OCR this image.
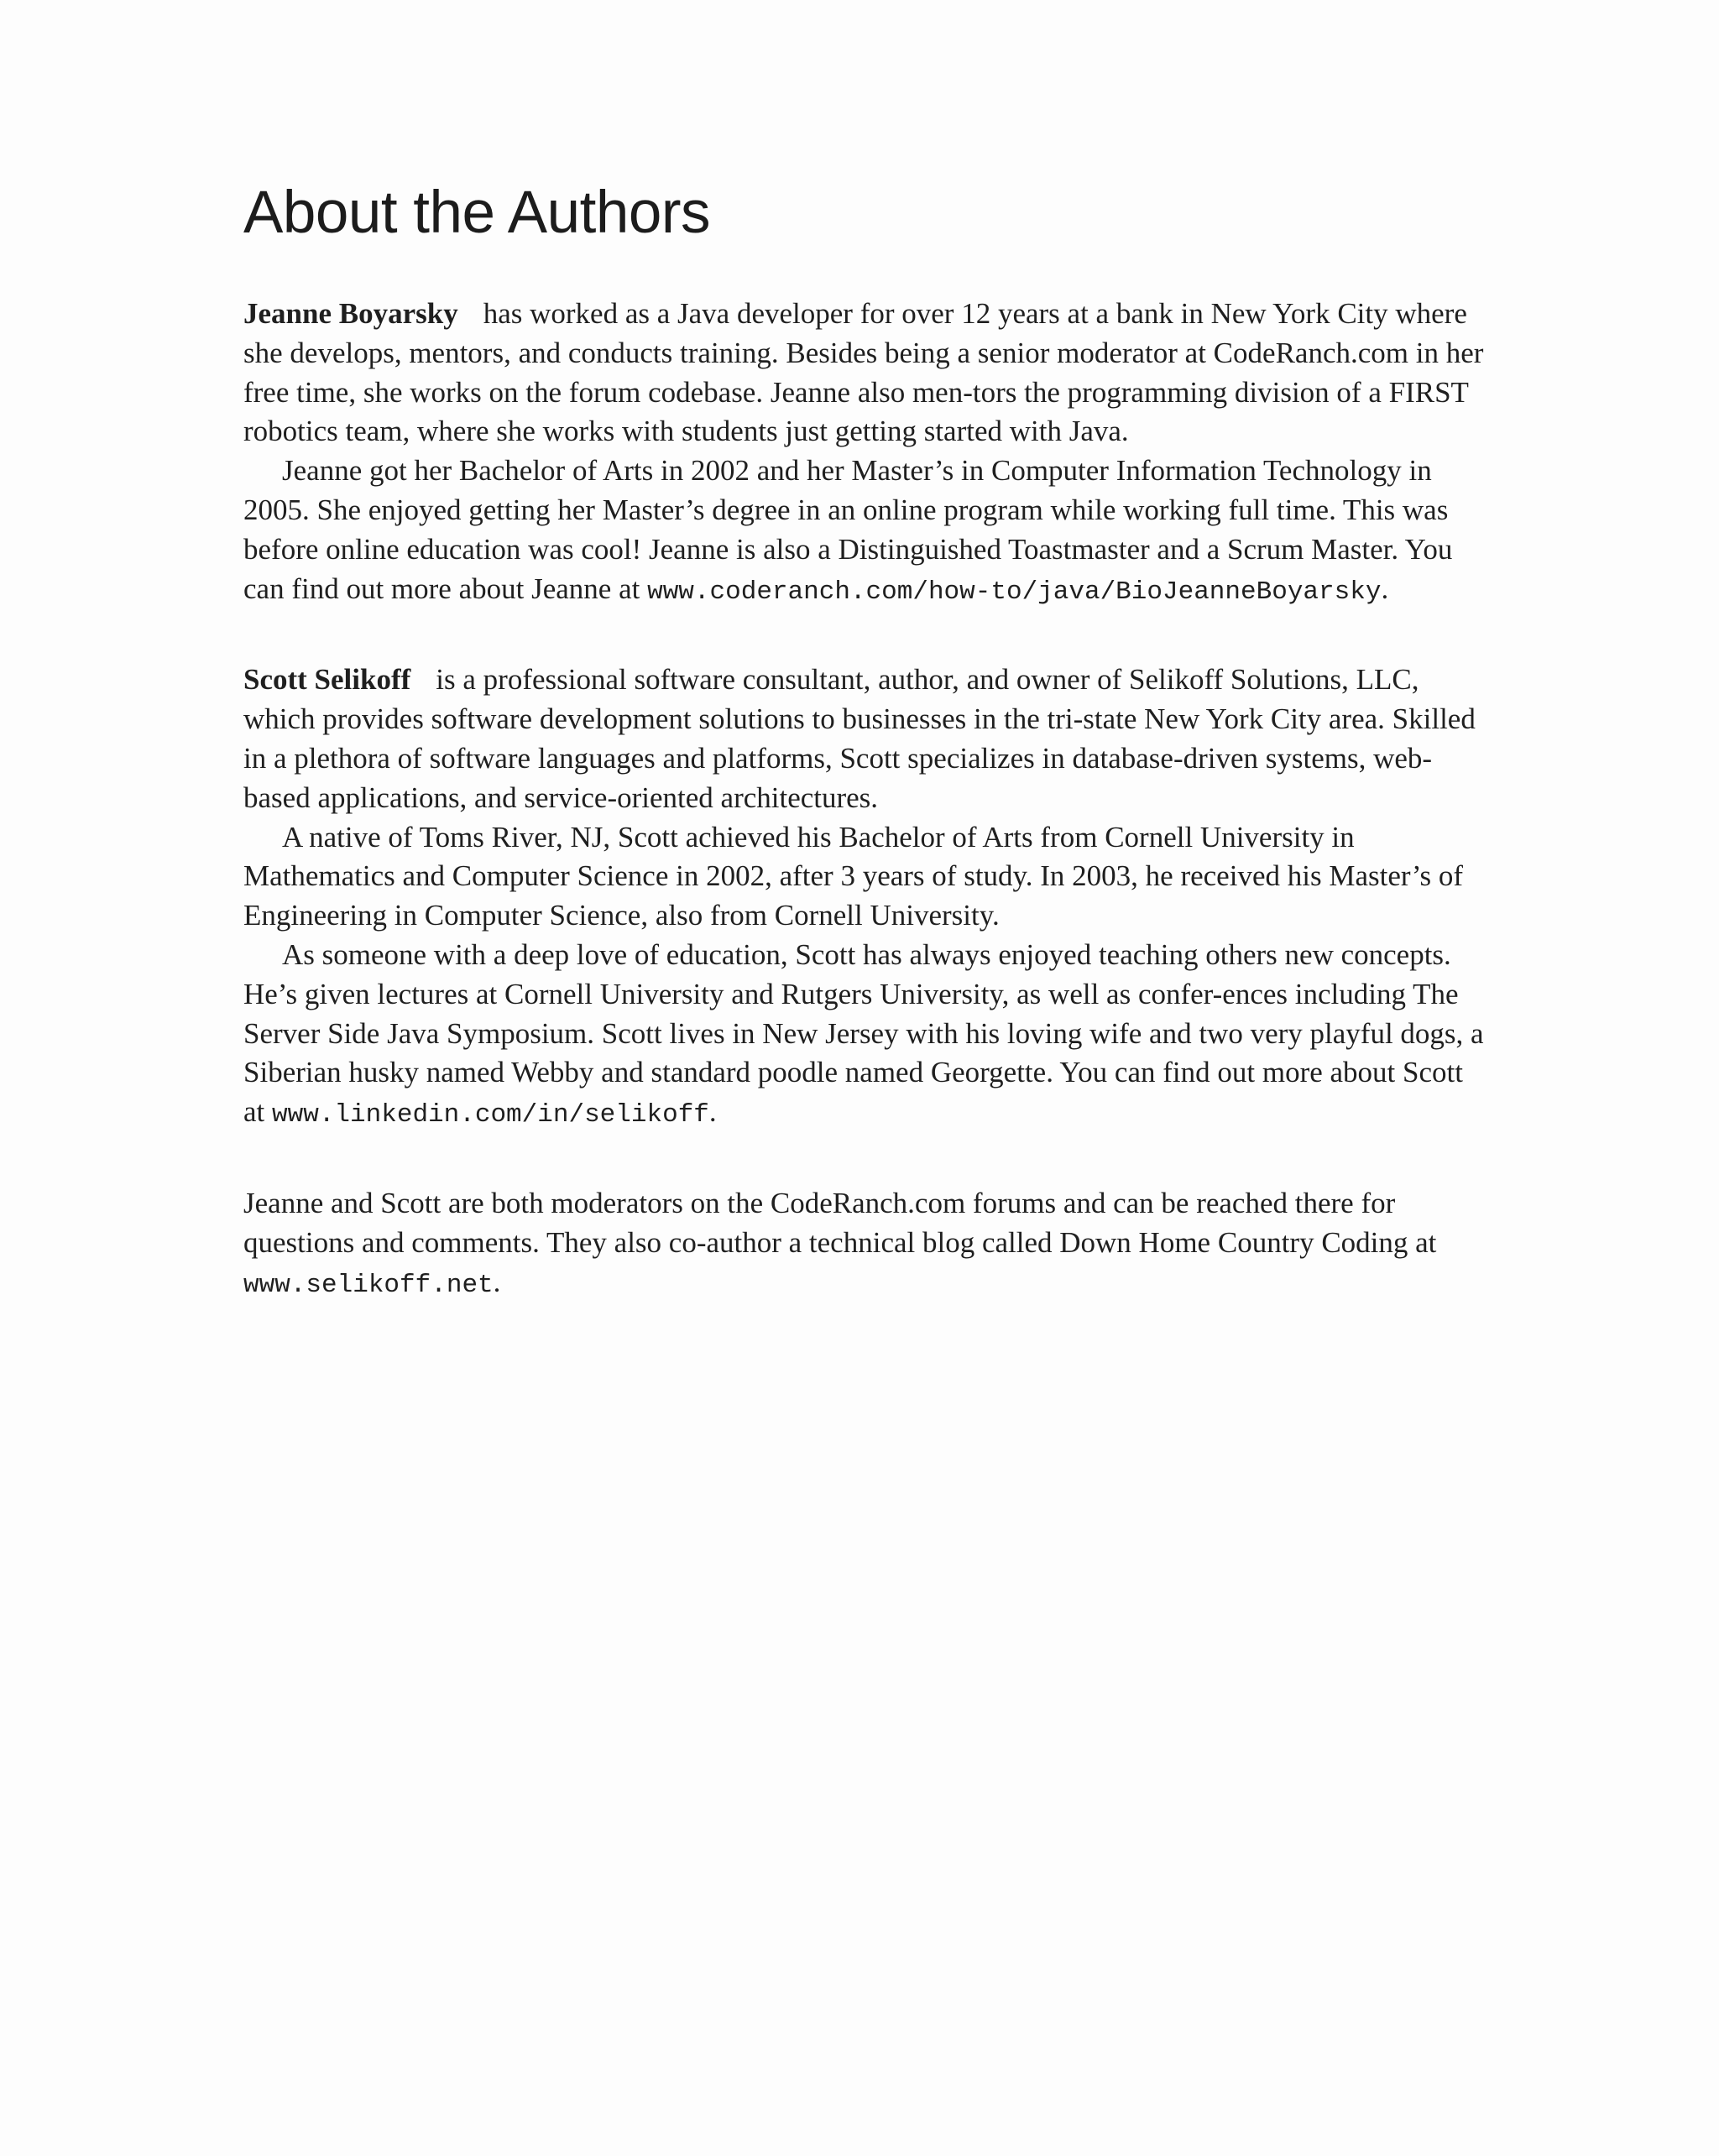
About the Authors

Jeanne Boyarsky has worked as a Java developer for over 12 years at a bank in New York City where she develops, mentors, and conducts training. Besides being a senior moderator at CodeRanch.com in her free time, she works on the forum codebase. Jeanne also men-tors the programming division of a FIRST robotics team, where she works with students just getting started with Java.

Jeanne got her Bachelor of Arts in 2002 and her Master’s in Computer Information Technology in 2005. She enjoyed getting her Master’s degree in an online program while working full time. This was before online education was cool! Jeanne is also a Distinguished Toastmaster and a Scrum Master. You can find out more about Jeanne at www.coderanch.com/how-to/java/BioJeanneBoyarsky.

Scott Selikoff is a professional software consultant, author, and owner of Selikoff Solutions, LLC, which provides software development solutions to businesses in the tri-state New York City area. Skilled in a plethora of software languages and platforms, Scott specializes in database-driven systems, web-based applications, and service-oriented architectures.

A native of Toms River, NJ, Scott achieved his Bachelor of Arts from Cornell University in Mathematics and Computer Science in 2002, after 3 years of study. In 2003, he received his Master’s of Engineering in Computer Science, also from Cornell University.

As someone with a deep love of education, Scott has always enjoyed teaching others new concepts. He’s given lectures at Cornell University and Rutgers University, as well as confer-ences including The Server Side Java Symposium. Scott lives in New Jersey with his loving wife and two very playful dogs, a Siberian husky named Webby and standard poodle named Georgette. You can find out more about Scott at www.linkedin.com/in/selikoff.

Jeanne and Scott are both moderators on the CodeRanch.com forums and can be reached there for questions and comments. They also co-author a technical blog called Down Home Country Coding at www.selikoff.net.
